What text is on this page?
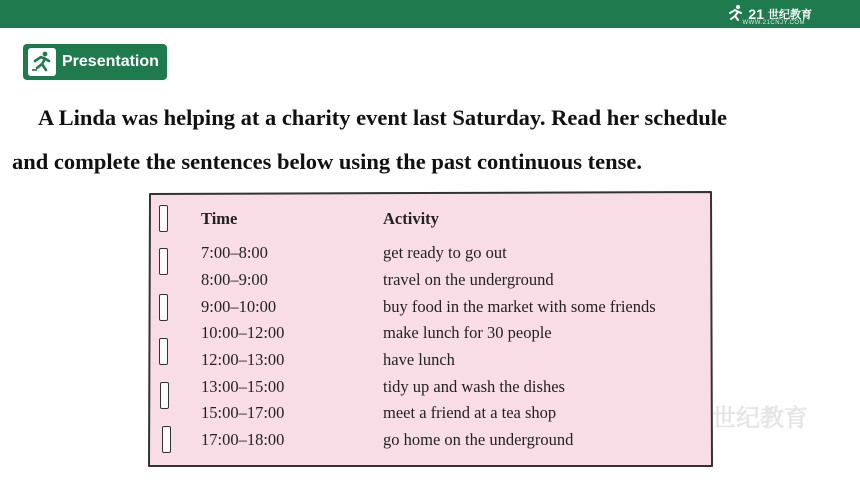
21 世纪教育
WWW.21CNJY.COM
Presentation
A Linda was helping at a charity event last Saturday. Read her schedule
and complete the sentences below using the past continuous tense.
Time	Activity
7:00–8:00	get ready to go out
8:00–9:00	travel on the underground
9:00–10:00	buy food in the market with some friends
10:00–12:00	make lunch for 30 people
12:00–13:00	have lunch
13:00–15:00	tidy up and wash the dishes
15:00–17:00	meet a friend at a tea shop
17:00–18:00	go home on the underground
世纪教育
